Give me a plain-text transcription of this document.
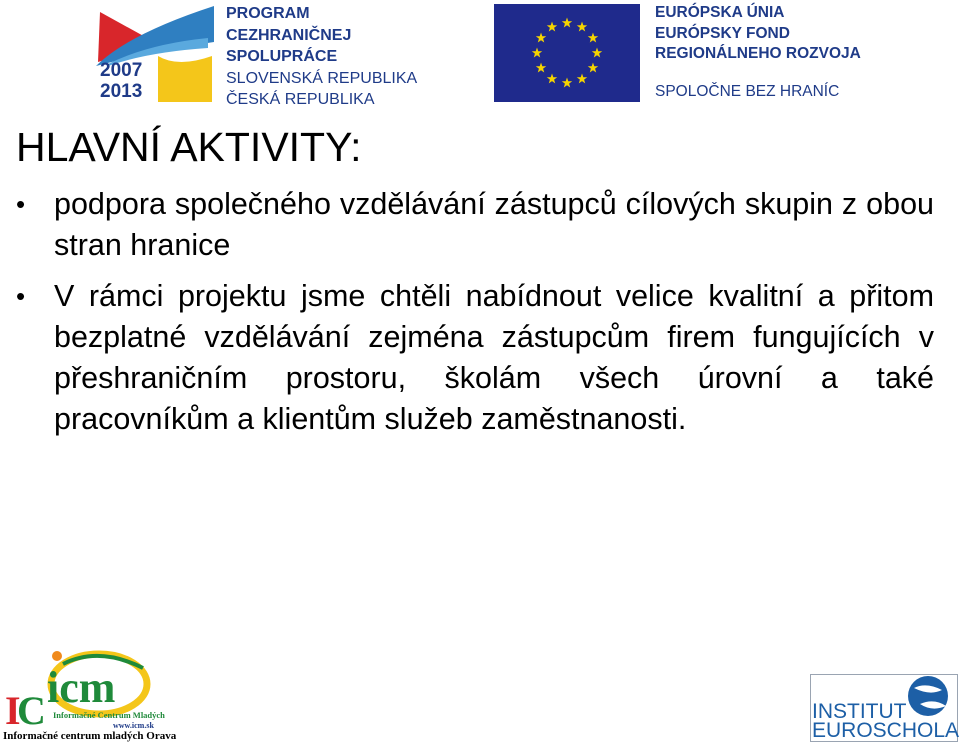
2007
2013
PROGRAM
CEZHRANIČNEJ
SPOLUPRÁCE
SLOVENSKÁ REPUBLIKA
ČESKÁ REPUBLIKA
EURÓPSKA ÚNIA
EURÓPSKY FOND
REGIONÁLNEHO ROZVOJA
SPOLOČNE BEZ HRANÍC
HLAVNÍ AKTIVITY:
• podpora společného vzdělávání zástupců cílových skupin z obou stran hranice
• V rámci projektu jsme chtěli nabídnout velice kvalitní a přitom bezplatné vzdělávání zejména zástupcům firem fungujících v přeshraničním prostoru, školám všech úrovní a také pracovníkům a klientům služeb zaměstnanosti.
I
C icm
Informačné Centrum Mladých
www.icm.sk
Informačné centrum mladých Orava
INSTITUT
EUROSCHOLA
